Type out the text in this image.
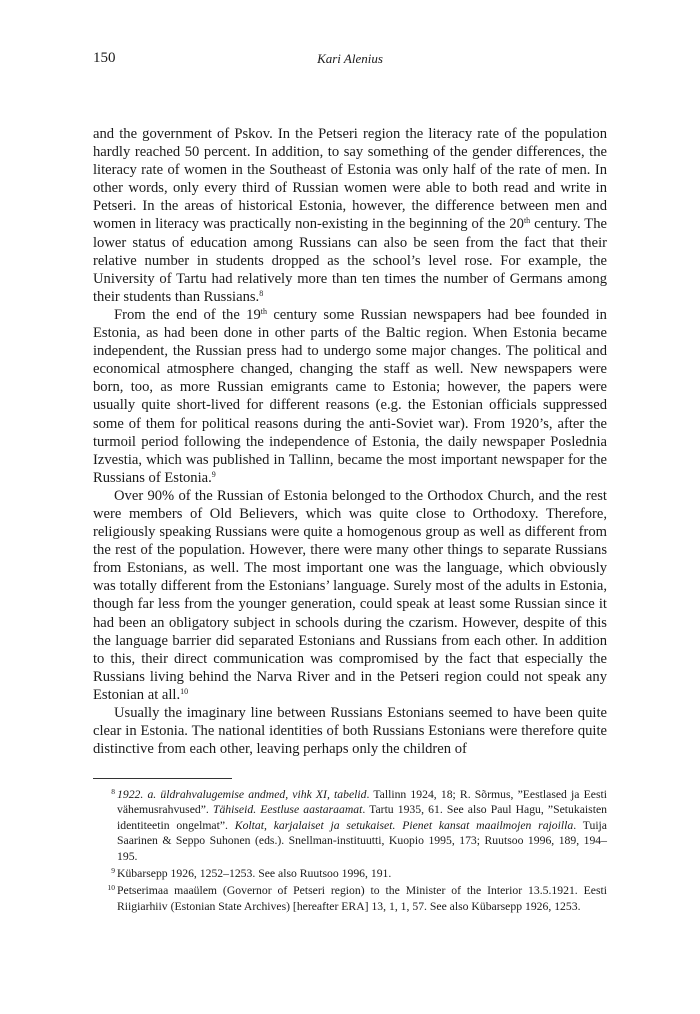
150	Kari Alenius

and the government of Pskov. In the Petseri region the literacy rate of the population hardly reached 50 percent. In addition, to say something of the gender differences, the literacy rate of women in the Southeast of Estonia was only half of the rate of men. In other words, only every third of Russian women were able to both read and write in Petseri. In the areas of historical Estonia, however, the difference between men and women in literacy was practically non-existing in the beginning of the 20th century. The lower status of education among Russians can also be seen from the fact that their relative number in students dropped as the school’s level rose. For example, the University of Tartu had relatively more than ten times the number of Germans among their students than Russians.$^8$

From the end of the 19th century some Russian newspapers had bee founded in Estonia, as had been done in other parts of the Baltic region. When Estonia became independent, the Russian press had to undergo some major changes. The political and economical atmosphere changed, changing the staff as well. New newspapers were born, too, as more Russian emigrants came to Estonia; however, the papers were usually quite short-lived for different reasons (e.g. the Estonian officials suppressed some of them for political reasons during the anti-Soviet war). From 1920’s, after the turmoil period following the independence of Estonia, the daily newspaper Poslednia Izvestia, which was published in Tallinn, became the most important newspaper for the Russians of Estonia.$^9$

Over 90% of the Russian of Estonia belonged to the Orthodox Church, and the rest were members of Old Believers, which was quite close to Orthodoxy. Therefore, religiously speaking Russians were quite a homogenous group as well as different from the rest of the population. However, there were many other things to separate Russians from Estonians, as well. The most important one was the language, which obviously was totally different from the Estonians’ language. Surely most of the adults in Estonia, though far less from the younger generation, could speak at least some Russian since it had been an obligatory subject in schools during the czarism. However, despite of this the language barrier did separated Estonians and Russians from each other. In addition to this, their direct communication was compromised by the fact that especially the Russians living behind the Narva River and in the Petseri region could not speak any Estonian at all.$^{10}$

Usually the imaginary line between Russians Estonians seemed to have been quite clear in Estonia. The national identities of both Russians Estonians were therefore quite distinctive from each other, leaving perhaps only the children of

8 1922. a. üldrahvalugemise andmed, vihk XI, tabelid. Tallinn 1924, 18; R. Sõrmus, ”Eestlased ja Eesti vähemusrahvused”. Tähiseid. Eestluse aastaraamat. Tartu 1935, 61. See also Paul Hagu, ”Setukaisten identiteetin ongelmat”. Koltat, karjalaiset ja setukaiset. Pienet kansat maailmojen rajoilla. Tuija Saarinen & Seppo Suhonen (eds.). Snellman-instituutti, Kuopio 1995, 173; Ruutsoo 1996, 189, 194–195.
9 Kübarsepp 1926, 1252–1253. See also Ruutsoo 1996, 191.
10 Petserimaa maaülem (Governor of Petseri region) to the Minister of the Interior 13.5.1921. Eesti Riigiarhiiv (Estonian State Archives) [hereafter ERA] 13, 1, 1, 57. See also Kübarsepp 1926, 1253.
